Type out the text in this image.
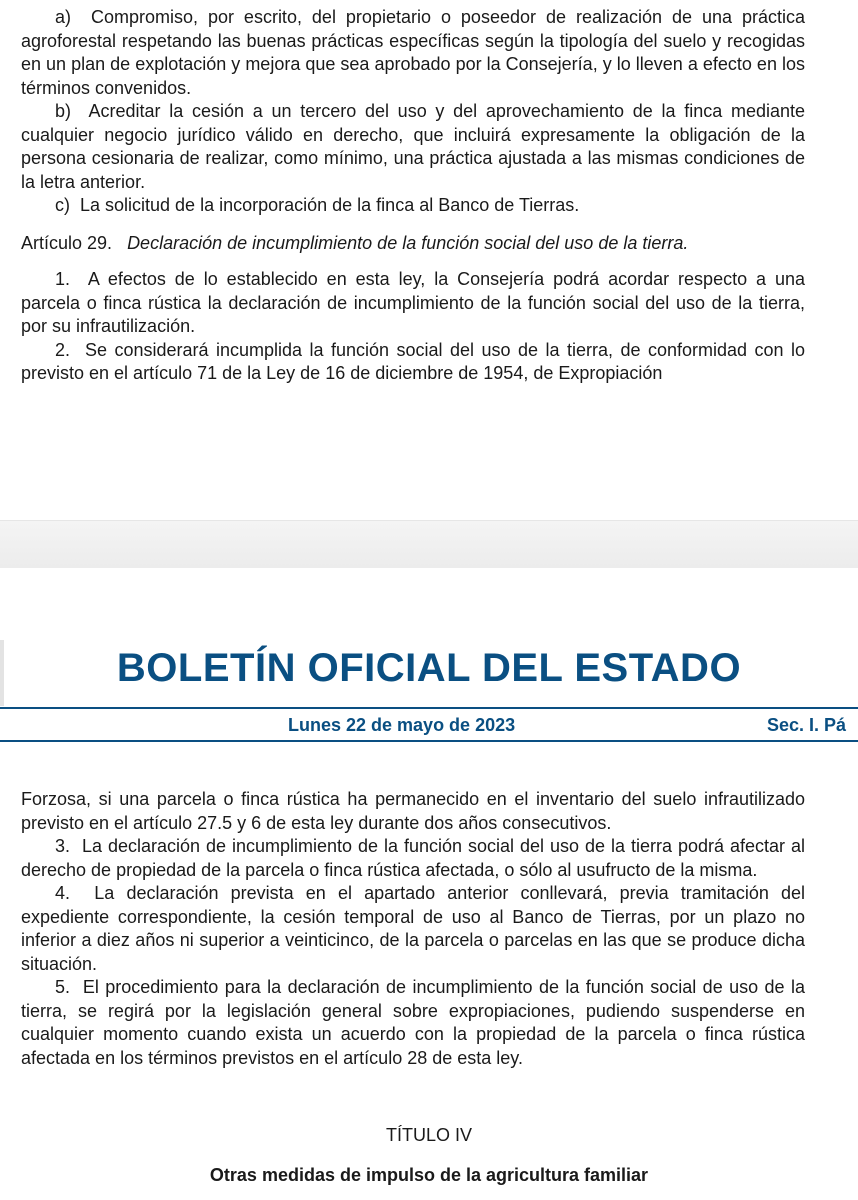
a)  Compromiso, por escrito, del propietario o poseedor de realización de una práctica agroforestal respetando las buenas prácticas específicas según la tipología del suelo y recogidas en un plan de explotación y mejora que sea aprobado por la Consejería, y lo lleven a efecto en los términos convenidos.

b)  Acreditar la cesión a un tercero del uso y del aprovechamiento de la finca mediante cualquier negocio jurídico válido en derecho, que incluirá expresamente la obligación de la persona cesionaria de realizar, como mínimo, una práctica ajustada a las mismas condiciones de la letra anterior.

c)  La solicitud de la incorporación de la finca al Banco de Tierras.

Artículo 29. Declaración de incumplimiento de la función social del uso de la tierra.

1.  A efectos de lo establecido en esta ley, la Consejería podrá acordar respecto a una parcela o finca rústica la declaración de incumplimiento de la función social del uso de la tierra, por su infrautilización.

2.  Se considerará incumplida la función social del uso de la tierra, de conformidad con lo previsto en el artículo 71 de la Ley de 16 de diciembre de 1954, de Expropiación

BOLETÍN OFICIAL DEL ESTADO
Lunes 22 de mayo de 2023	Sec. I. Pá

Forzosa, si una parcela o finca rústica ha permanecido en el inventario del suelo infrautilizado previsto en el artículo 27.5 y 6 de esta ley durante dos años consecutivos.

3.  La declaración de incumplimiento de la función social del uso de la tierra podrá afectar al derecho de propiedad de la parcela o finca rústica afectada, o sólo al usufructo de la misma.

4.  La declaración prevista en el apartado anterior conllevará, previa tramitación del expediente correspondiente, la cesión temporal de uso al Banco de Tierras, por un plazo no inferior a diez años ni superior a veinticinco, de la parcela o parcelas en las que se produce dicha situación.

5.  El procedimiento para la declaración de incumplimiento de la función social de uso de la tierra, se regirá por la legislación general sobre expropiaciones, pudiendo suspenderse en cualquier momento cuando exista un acuerdo con la propiedad de la parcela o finca rústica afectada en los términos previstos en el artículo 28 de esta ley.

TÍTULO IV
Otras medidas de impulso de la agricultura familiar
